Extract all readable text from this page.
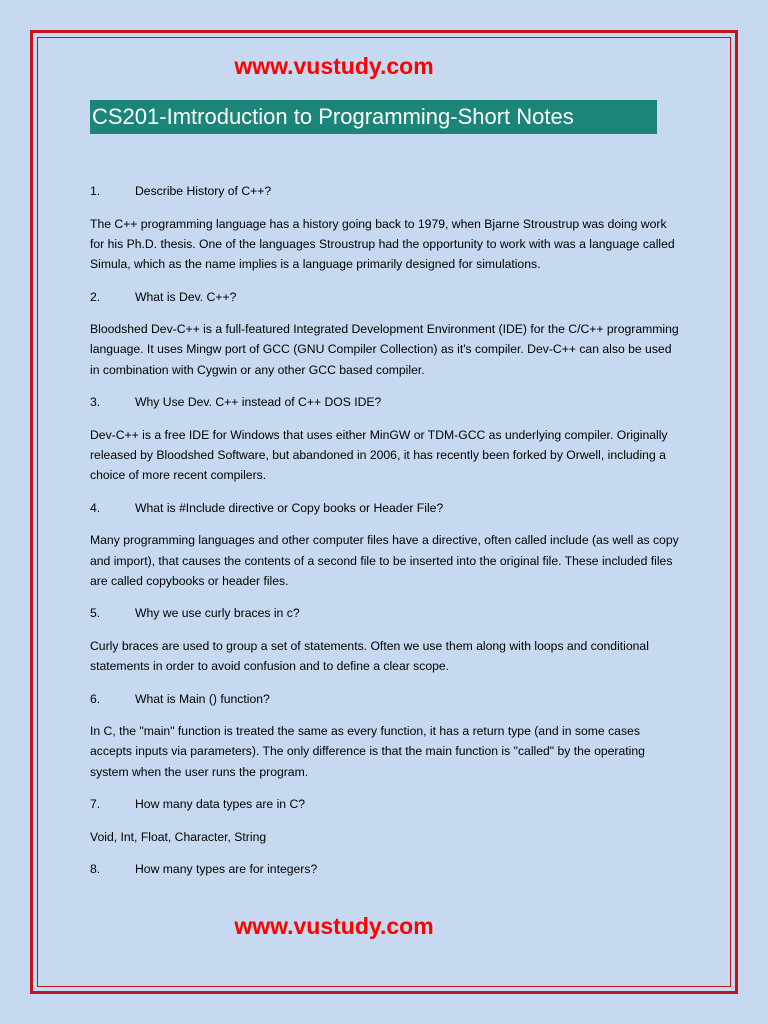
www.vustudy.com
CS201-Imtroduction to Programming-Short Notes
1.	Describe History of C++?

The C++ programming language has a history going back to 1979, when Bjarne Stroustrup was doing work for his Ph.D. thesis. One of the languages Stroustrup had the opportunity to work with was a language called Simula, which as the name implies is a language primarily designed for simulations.

2.	What is Dev. C++?

Bloodshed Dev-C++ is a full-featured Integrated Development Environment (IDE) for the C/C++ programming language. It uses Mingw port of GCC (GNU Compiler Collection) as it's compiler. Dev-C++ can also be used in combination with Cygwin or any other GCC based compiler.

3.	Why Use Dev. C++ instead of C++ DOS IDE?

Dev-C++ is a free IDE for Windows that uses either MinGW or TDM-GCC as underlying compiler. Originally released by Bloodshed Software, but abandoned in 2006, it has recently been forked by Orwell, including a choice of more recent compilers.

4.	What is #Include directive or Copy books or Header File?

Many programming languages and other computer files have a directive, often called include (as well as copy and import), that causes the contents of a second file to be inserted into the original file. These included files are called copybooks or header files.

5.	Why we use curly braces in c?

Curly braces are used to group a set of statements. Often we use them along with loops and conditional statements in order to avoid confusion and to define a clear scope.

6.	What is Main () function?

In C, the "main" function is treated the same as every function, it has a return type (and in some cases accepts inputs via parameters). The only difference is that the main function is "called" by the operating system when the user runs the program.

7.	How many data types are in C?

Void, Int, Float, Character, String

8.	How many types are for integers?
www.vustudy.com
